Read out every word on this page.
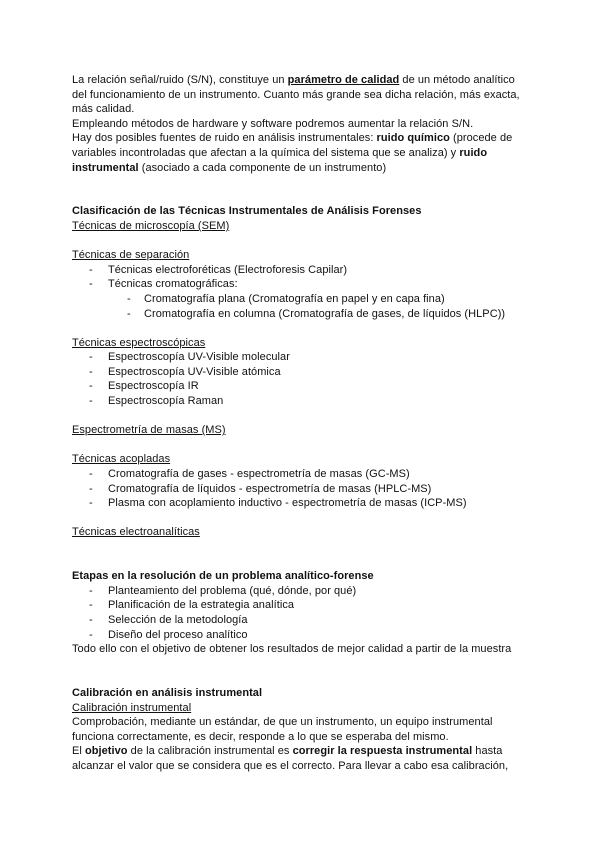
La relación señal/ruido (S/N), constituye un parámetro de calidad de un método analítico del funcionamiento de un instrumento. Cuanto más grande sea dicha relación, más exacta, más calidad.

Empleando métodos de hardware y software podremos aumentar la relación S/N.

Hay dos posibles fuentes de ruido en análisis instrumentales: ruido químico (procede de variables incontroladas que afectan a la química del sistema que se analiza) y ruido instrumental (asociado a cada componente de un instrumento)

Clasificación de las Técnicas Instrumentales de Análisis Forenses

Técnicas de microscopía (SEM)

Técnicas de separación

- Técnicas electroforéticas (Electroforesis Capilar)
- Técnicas cromatográficas:
- Cromatografía plana (Cromatografía en papel y en capa fina)
- Cromatografía en columna (Cromatografía de gases, de líquidos (HLPC))

Técnicas espectroscópicas

- Espectroscopía UV-Visible molecular
- Espectroscopía UV-Visible atómica
- Espectroscopía IR
- Espectroscopía Raman

Espectrometría de masas (MS)

Técnicas acopladas

- Cromatografía de gases - espectrometría de masas (GC-MS)
- Cromatografía de líquidos - espectrometría de masas (HPLC-MS)
- Plasma con acoplamiento inductivo - espectrometría de masas (ICP-MS)

Técnicas electroanalíticas

Etapas en la resolución de un problema analítico-forense

- Planteamiento del problema (qué, dónde, por qué)
- Planificación de la estrategia analítica
- Selección de la metodología
- Diseño del proceso analítico

Todo ello con el objetivo de obtener los resultados de mejor calidad a partir de la muestra

Calibración en análisis instrumental

Calibración instrumental

Comprobación, mediante un estándar, de que un instrumento, un equipo instrumental funciona correctamente, es decir, responde a lo que se esperaba del mismo.

El objetivo de la calibración instrumental es corregir la respuesta instrumental hasta alcanzar el valor que se considera que es el correcto. Para llevar a cabo esa calibración,
